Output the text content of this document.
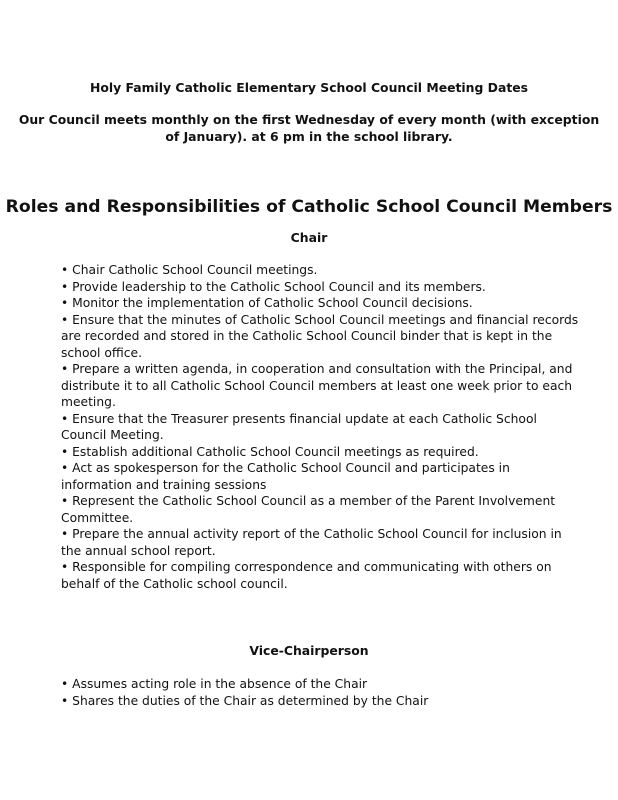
Holy Family Catholic Elementary School Council Meeting Dates
Our Council meets monthly on the first Wednesday of every month (with exception
of January). at 6 pm in the school library.
Roles and Responsibilities of Catholic School Council Members
Chair
• Chair Catholic School Council meetings.
• Provide leadership to the Catholic School Council and its members.
• Monitor the implementation of Catholic School Council decisions.
• Ensure that the minutes of Catholic School Council meetings and financial records
are recorded and stored in the Catholic School Council binder that is kept in the
school office.
• Prepare a written agenda, in cooperation and consultation with the Principal, and
distribute it to all Catholic School Council members at least one week prior to each
meeting.
• Ensure that the Treasurer presents financial update at each Catholic School
Council Meeting.
• Establish additional Catholic School Council meetings as required.
• Act as spokesperson for the Catholic School Council and participates in
information and training sessions
• Represent the Catholic School Council as a member of the Parent Involvement
Committee.
• Prepare the annual activity report of the Catholic School Council for inclusion in
the annual school report.
• Responsible for compiling correspondence and communicating with others on
behalf of the Catholic school council.
Vice-Chairperson
• Assumes acting role in the absence of the Chair
• Shares the duties of the Chair as determined by the Chair
